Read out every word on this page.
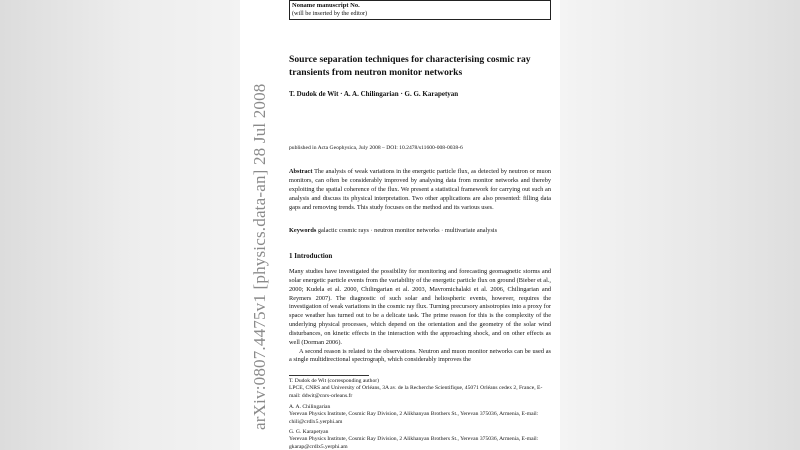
arXiv:0807.4475v1 [physics.data-an] 28 Jul 2008
Noname manuscript No.
(will be inserted by the editor)
Source separation techniques for characterising cosmic ray transients from neutron monitor networks
T. Dudok de Wit · A. A. Chilingarian · G. G. Karapetyan
published in Acta Geophysica, July 2008 – DOI: 10.2478/s11600-008-0038-6
Abstract The analysis of weak variations in the energetic particle flux, as detected by neutron or muon monitors, can often be considerably improved by analysing data from monitor networks and thereby exploiting the spatial coherence of the flux. We present a statistical framework for carrying out such an analysis and discuss its physical interpretation. Two other applications are also presented: filling data gaps and removing trends. This study focuses on the method and its various uses.
Keywords galactic cosmic rays · neutron monitor networks · multivariate analysis
1 Introduction

Many studies have investigated the possibility for monitoring and forecasting geomagnetic storms and solar energetic particle events from the variability of the energetic particle flux on ground (Bieber et al., 2000; Kudela et al. 2000, Chilingarian et al. 2003, Mavromichalaki et al. 2006, Chilingarian and Reymers 2007). The diagnostic of such solar and heliospheric events, however, requires the investigation of weak variations in the cosmic ray flux. Turning precursory anisotropies into a proxy for space weather has turned out to be a delicate task. The prime reason for this is the complexity of the underlying physical processes, which depend on the orientation and the geometry of the solar wind disturbances, on kinetic effects in the interaction with the approaching shock, and on other effects as well (Dorman 2006).

A second reason is related to the observations. Neutron and muon monitor networks can be used as a single multidirectional spectrograph, which considerably improves the

T. Dudok de Wit (corresponding author)
LPCE, CNRS and University of Orléans, 3A av. de la Recherche Scientifique, 45071 Orléans cedex 2, France, E-mail: ddwit@cnrs-orleans.fr
A. A. Chilingarian
Yerevan Physics Institute, Cosmic Ray Division, 2 Alikhanyan Brothers St., Yerevan 375036, Armenia, E-mail: chili@crdlx5.yerphi.am
G. G. Karapetyan
Yerevan Physics Institute, Cosmic Ray Division, 2 Alikhanyan Brothers St., Yerevan 375036, Armenia, E-mail: gkarap@crdlx5.yerphi.am
